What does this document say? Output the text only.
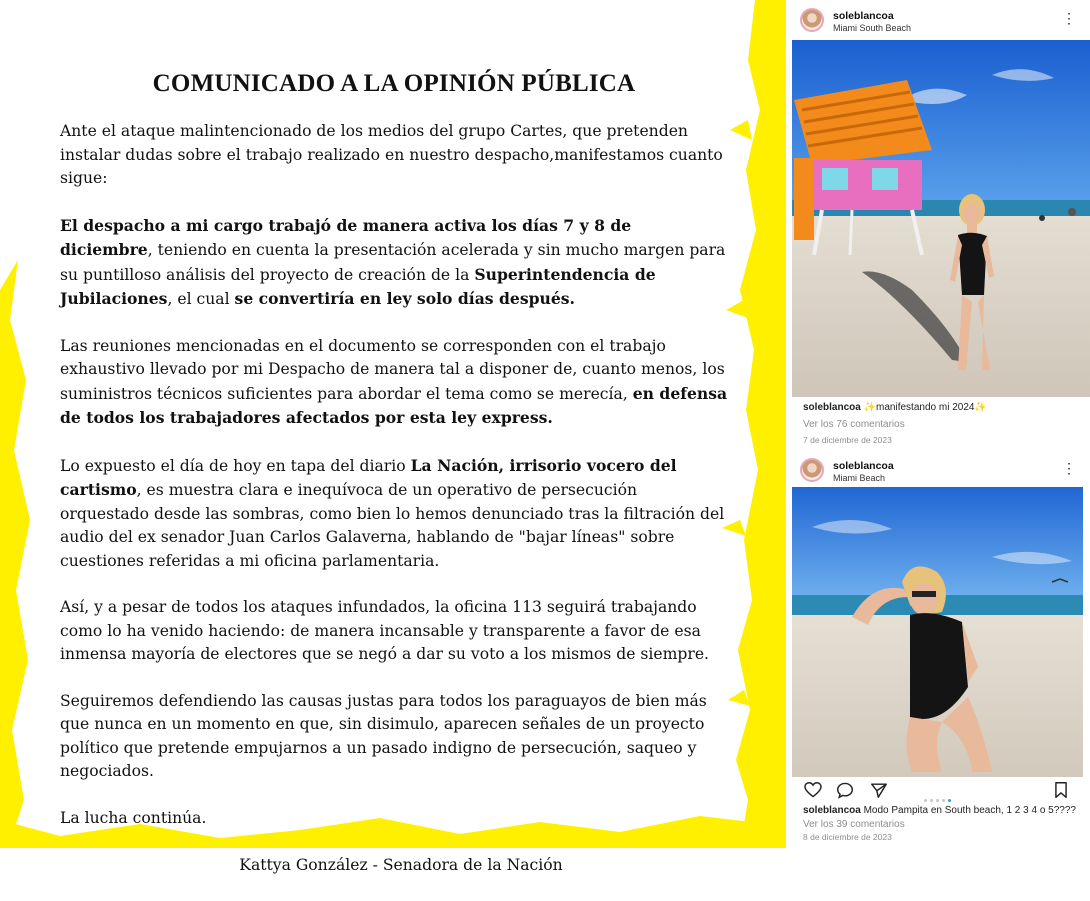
COMUNICADO A LA OPINIÓN PÚBLICA

Ante el ataque malintencionado de los medios del grupo Cartes, que pretenden instalar dudas sobre el trabajo realizado en nuestro despacho,manifestamos cuanto sigue:

El despacho a mi cargo trabajó de manera activa los días 7 y 8 de diciembre, teniendo en cuenta la presentación acelerada y sin mucho margen para su puntilloso análisis del proyecto de creación de la Superintendencia de Jubilaciones, el cual se convertiría en ley solo días después.

Las reuniones mencionadas en el documento se corresponden con el trabajo exhaustivo llevado por mi Despacho de manera tal a disponer de, cuanto menos, los suministros técnicos suficientes para abordar el tema como se merecía, en defensa de todos los trabajadores afectados por esta ley express.

Lo expuesto el día de hoy en tapa del diario La Nación, irrisorio vocero del cartismo, es muestra clara e inequívoca de un operativo de persecución orquestado desde las sombras, como bien lo hemos denunciado tras la filtración del audio del ex senador Juan Carlos Galaverna, hablando de "bajar líneas" sobre cuestiones referidas a mi oficina parlamentaria.

Así, y a pesar de todos los ataques infundados, la oficina 113 seguirá trabajando como lo ha venido haciendo: de manera incansable y transparente a favor de esa inmensa mayoría de electores que se negó a dar su voto a los mismos de siempre.

Seguiremos defendiendo las causas justas para todos los paraguayos de bien más que nunca en un momento en que, sin disimulo, aparecen señales de un proyecto político que pretende empujarnos a un pasado indigno de persecución, saqueo y negociados.

La lucha continúa.

Kattya González - Senadora de la Nación

soleblancoa
Miami South Beach
⋮
soleblancoa ✨manifestando mi 2024✨
Ver los 76 comentarios
7 de diciembre de 2023
soleblancoa
Miami Beach
⋮
soleblancoa Modo Pampita en South beach, 1 2 3 4 o 5????
Ver los 39 comentarios
8 de diciembre de 2023
